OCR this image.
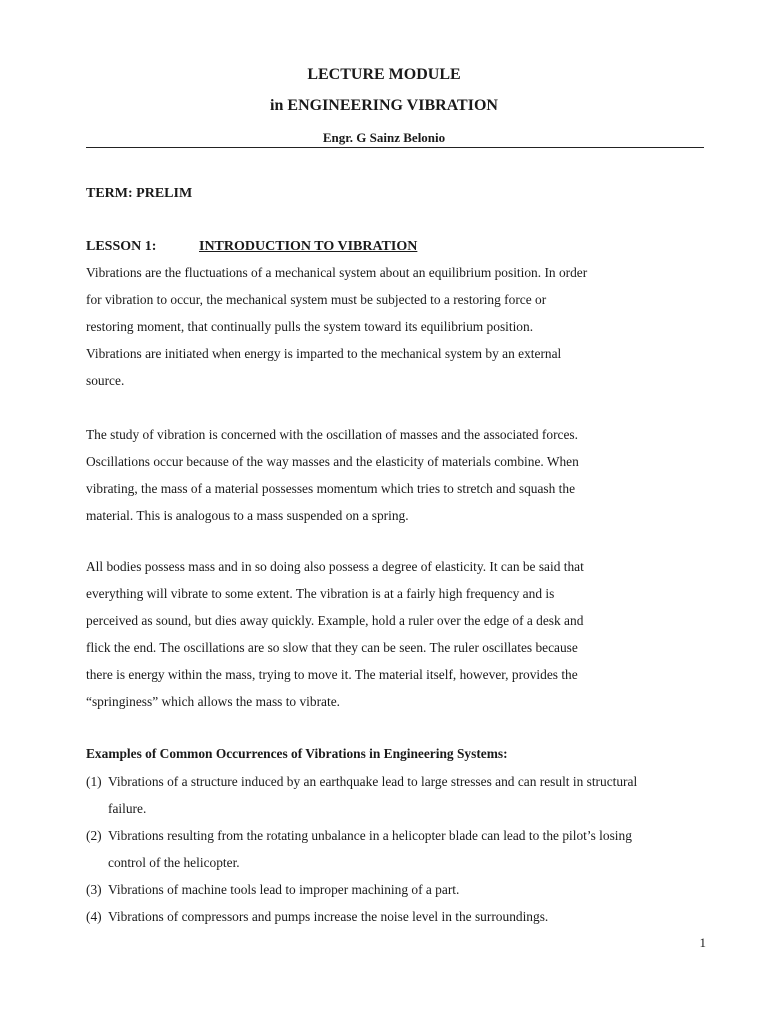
LECTURE MODULE
in ENGINEERING VIBRATION
Engr. G Sainz Belonio
TERM: PRELIM
LESSON 1:	INTRODUCTION TO VIBRATION
Vibrations are the fluctuations of a mechanical system about an equilibrium position. In order
for vibration to occur, the mechanical system must be subjected to a restoring force or
restoring moment, that continually pulls the system toward its equilibrium position.
Vibrations are initiated when energy is imparted to the mechanical system by an external
source.
The study of vibration is concerned with the oscillation of masses and the associated forces.
Oscillations occur because of the way masses and the elasticity of materials combine. When
vibrating, the mass of a material possesses momentum which tries to stretch and squash the
material. This is analogous to a mass suspended on a spring.
All bodies possess mass and in so doing also possess a degree of elasticity. It can be said that
everything will vibrate to some extent. The vibration is at a fairly high frequency and is
perceived as sound, but dies away quickly. Example, hold a ruler over the edge of a desk and
flick the end. The oscillations are so slow that they can be seen. The ruler oscillates because
there is energy within the mass, trying to move it. The material itself, however, provides the
“springiness” which allows the mass to vibrate.
Examples of Common Occurrences of Vibrations in Engineering Systems:
(1) Vibrations of a structure induced by an earthquake lead to large stresses and can result in structural
failure.
(2) Vibrations resulting from the rotating unbalance in a helicopter blade can lead to the pilot’s losing
control of the helicopter.
(3) Vibrations of machine tools lead to improper machining of a part.
(4) Vibrations of compressors and pumps increase the noise level in the surroundings.
1
